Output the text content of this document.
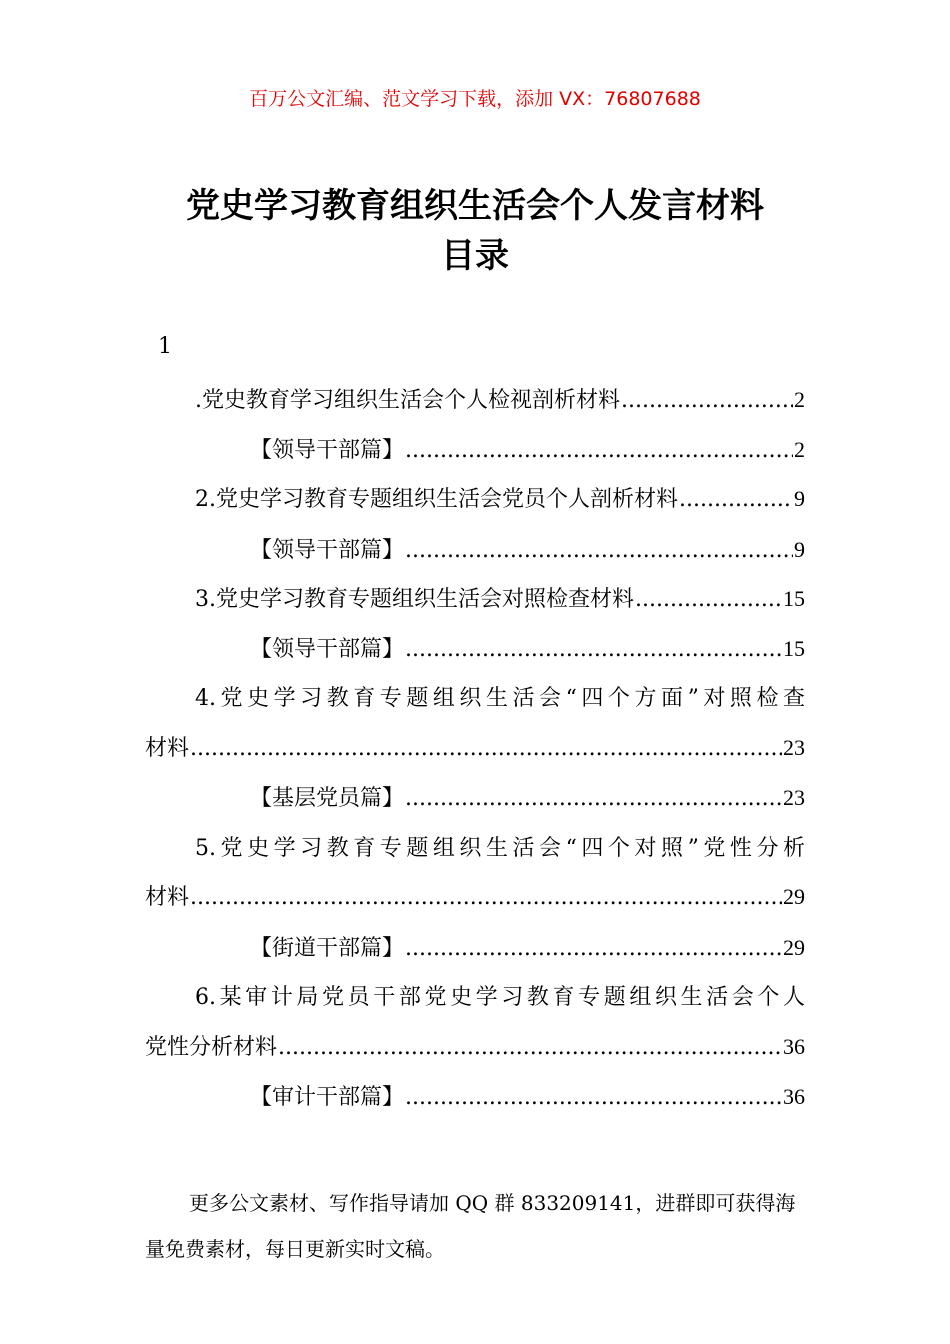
百万公文汇编、范文学习下载，添加 VX：76807688
党史学习教育组织生活会个人发言材料
目录
1
.党史教育学习组织生活会个人检视剖析材料 .....	2
【领导干部篇】 .....	2
2.党史学习教育专题组织生活会党员个人剖析材料 .....	9
【领导干部篇】 .....	9
3.党史学习教育专题组织生活会对照检查材料 .....	15
【领导干部篇】 .....	15
4.党史学习教育专题组织生活会“四个方面”对照检查
材料 .....	23
【基层党员篇】 .....	23
5.党史学习教育专题组织生活会“四个对照”党性分析
材料 .....	29
【街道干部篇】 .....	29
6.某审计局党员干部党史学习教育专题组织生活会个人
党性分析材料 .....	36
【审计干部篇】 .....	36
更多公文素材、写作指导请加 QQ 群 833209141，进群即可获得海量免费素材，每日更新实时文稿。
